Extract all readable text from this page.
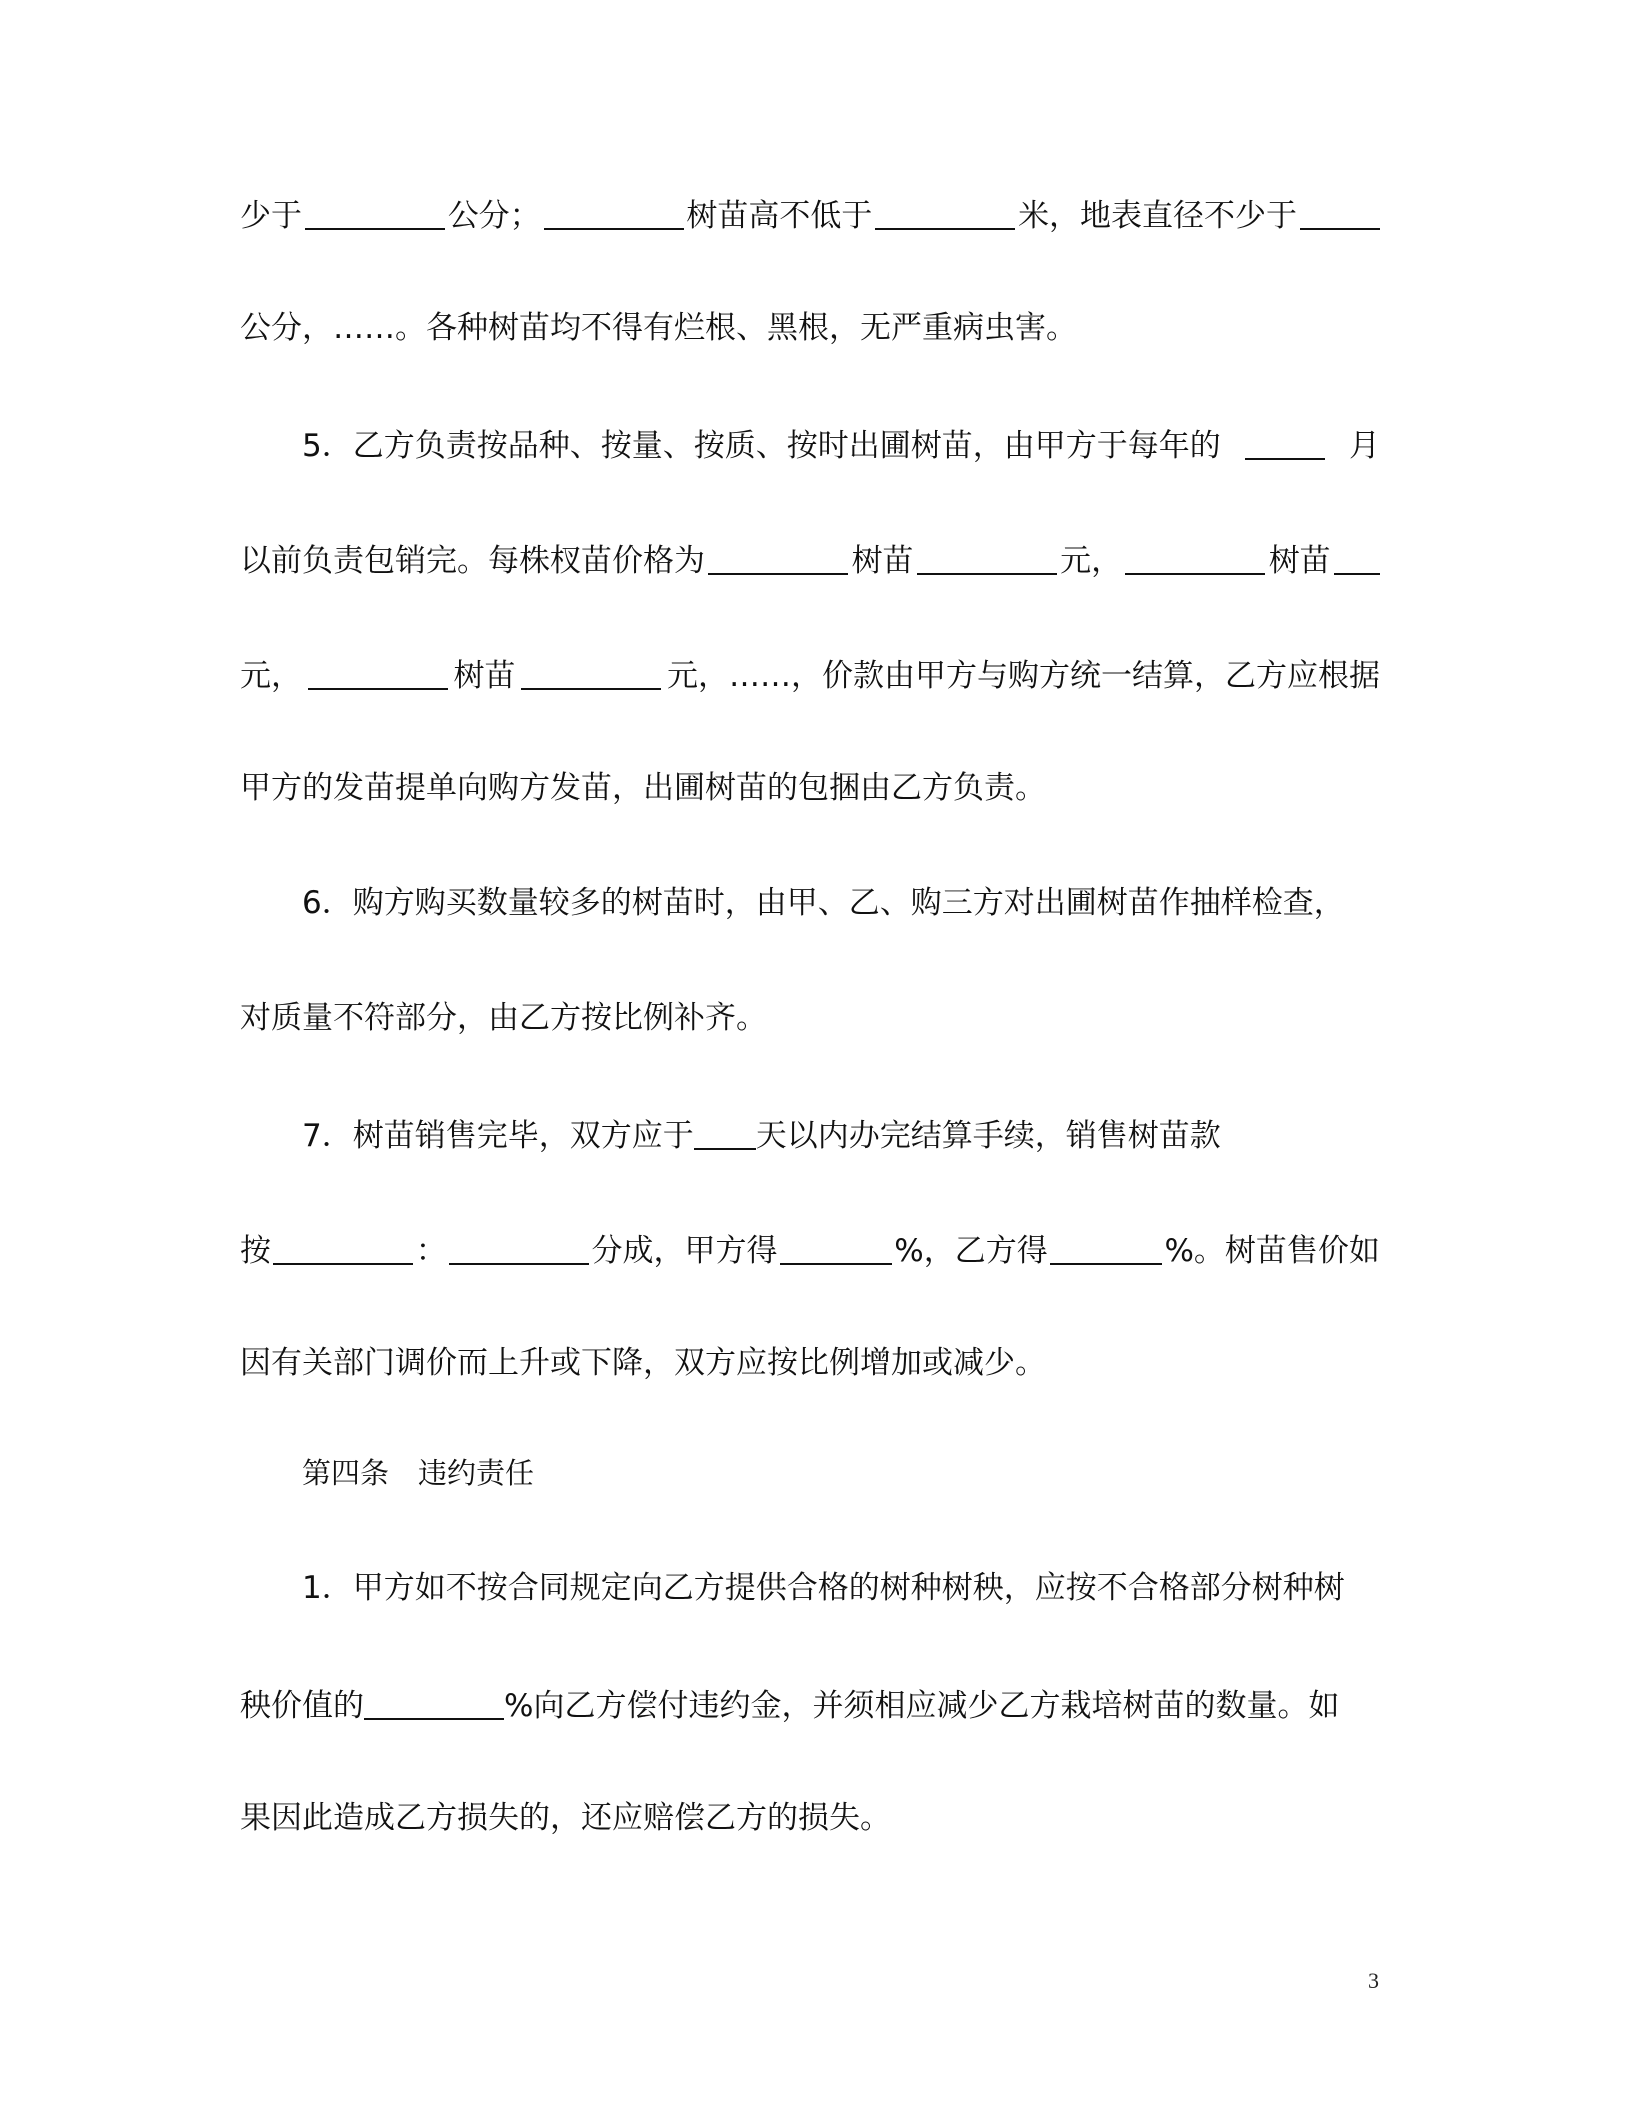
少于	公分；	树苗高不低于	米，地表直径不少于
公分，……。各种树苗均不得有烂根、黑根，无严重病虫害。
5．乙方负责按品种、按量、按质、按时出圃树苗，由甲方于每年的	月
以前负责包销完。每株杈苗价格为	树苗	元，	树苗
元，	树苗	元，……，价款由甲方与购方统一结算，乙方应根据
甲方的发苗提单向购方发苗，出圃树苗的包捆由乙方负责。
6．购方购买数量较多的树苗时，由甲、乙、购三方对出圃树苗作抽样检查，
对质量不符部分，由乙方按比例补齐。
7．树苗销售完毕，双方应于 天以内办完结算手续，销售树苗款
按	：	分成，甲方得	%，乙方得	%。树苗售价如
因有关部门调价而上升或下降，双方应按比例增加或减少。
第四条　违约责任
1．甲方如不按合同规定向乙方提供合格的树种树秧，应按不合格部分树种树
秧价值的	%向乙方偿付违约金，并须相应减少乙方栽培树苗的数量。如
果因此造成乙方损失的，还应赔偿乙方的损失。
3
